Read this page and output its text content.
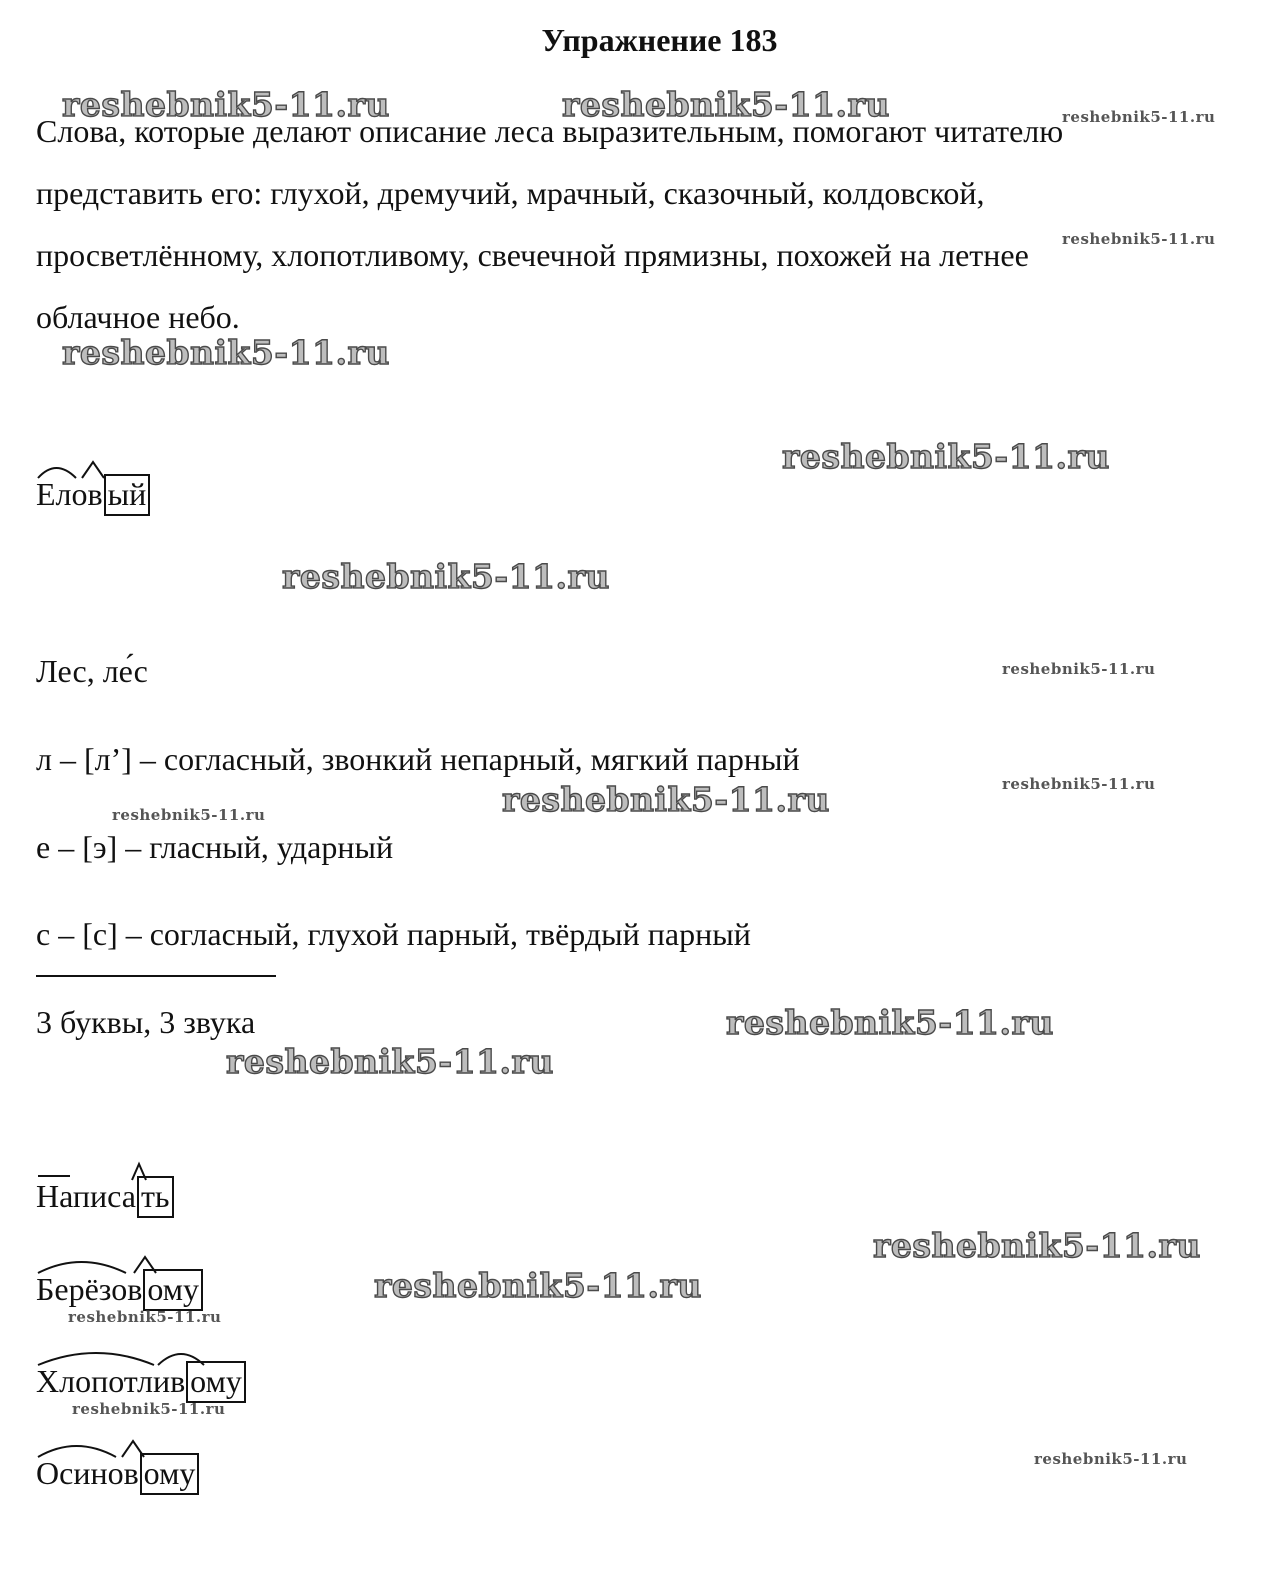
Упражнение 183
Слова, которые делают описание леса выразительным, помогают читателю
представить его: глухой, дремучий, мрачный, сказочный, колдовской,
просветлённому, хлопотливому, свечечной прямизны, похожей на летнее
облачное небо.
Елов ый
Лес, ле́с
л – [л’] – согласный, звонкий непарный, мягкий парный
е – [э] – гласный, ударный
с – [с] – согласный, глухой парный, твёрдый парный
3 буквы, 3 звука
Написа ть
Берёзов ому
Хлопотлив ому
Осинов ому
reshebnik5-11.ru	reshebnik5-11.ru	reshebnik5-11.ru
reshebnik5-11.ru
reshebnik5-11.ru
reshebnik5-11.ru
reshebnik5-11.ru
reshebnik5-11.ru
reshebnik5-11.ru
reshebnik5-11.ru
reshebnik5-11.ru
reshebnik5-11.ru
reshebnik5-11.ru
reshebnik5-11.ru
reshebnik5-11.ru
reshebnik5-11.ru
reshebnik5-11.ru
reshebnik5-11.ru
